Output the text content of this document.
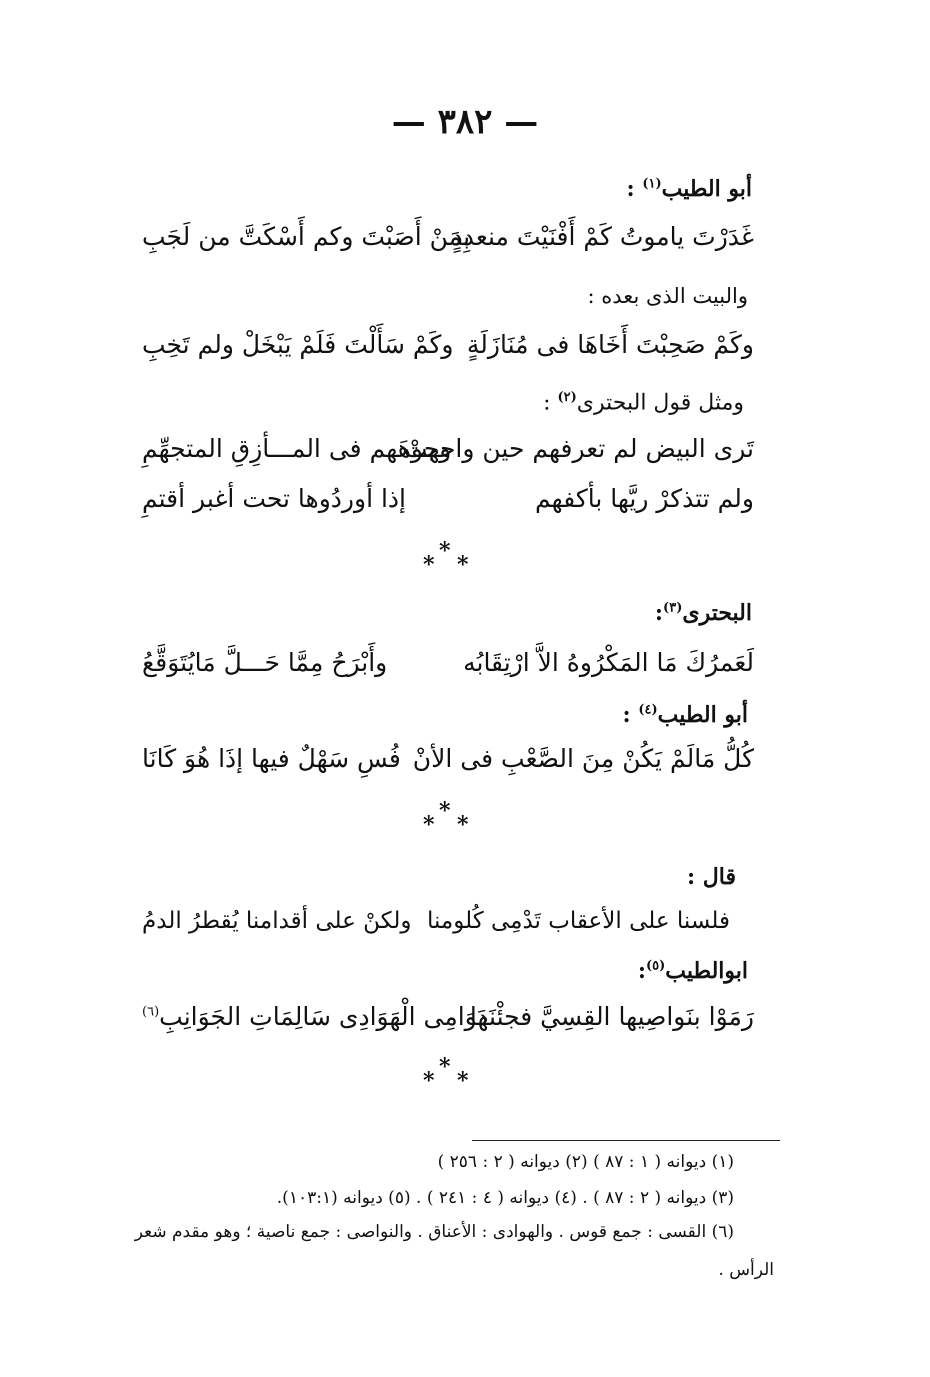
— ٣٨٢ —
أبو الطيب$^{(١)}$ :
غَدَرْتَ ياموتُ كَمْ أَفْنَيْتَ منعددٍ
بِمَنْ أَصَبْتَ وكم أَسْكَتَّ من لَجَبِ
والبيت الذى بعده :
وكَمْ صَحِبْتَ أَخَاهَا فى مُنَازَلَةٍ
وكَمْ سَأَلْتَ فَلَمْ يَبْخَلْ ولم تَخِبِ
ومثل قول البحترى$^{(٢)}$ :
تَرى البيض لم تعرفهم حين واجهتْ
وجوهَهم فى المـــأزِقِ المتجهِّمِ
ولم تتذكرْ ريَّها بأكفهم
إذا أوردُوها تحت أغبر أقتمِ
*
*
*
البحترى$^{(٣)}$:
لَعَمرُكَ مَا المَكْرُوهُ الاَّ ارْتِقَابُه
وأَبْرَحُ مِمَّا حَـــلَّ مَايُتَوَقَّعُ
أبو الطيب$^{(٤)}$ :
كُلُّ مَالَمْ يَكُنْ مِنَ الصَّعْبِ فى الأنْ
فُسِ سَهْلٌ فيها إذَا هُوَ كَانَا
*
*
*
قال :
فلسنا على الأعقاب تَدْمِى كُلومنا
ولكنْ على أقدامنا يُقطرُ الدمُ
ابوالطيب$^{(٥)}$:
رَمَوْا بنَواصِيها القِسِيَّ فجئْنَها
دَوَامِى الْهَوَادِى سَالِمَاتِ الجَوَانِبِ$^{(٦)}$
*
*
*
(١) ديوانه ( ١ : ٨٧ ) (٢) ديوانه ( ٢ : ٢٥٦ )
(٣) ديوانه ( ٢ : ٨٧ ) . (٤) ديوانه ( ٤ : ٢٤١ ) . (٥) ديوانه (١٠٣:١).
(٦) القسى : جمع قوس . والهوادى : الأعناق . والنواصى : جمع ناصية ؛ وهو مقدم شعر
الرأس .
